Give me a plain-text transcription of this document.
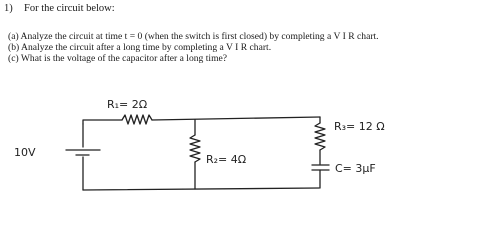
1) For the circuit below:
(a) Analyze the circuit at time t = 0 (when the switch is first closed) by completing a V I R chart.
(b) Analyze the circuit after a long time by completing a V I R chart.
(c) What is the voltage of the capacitor after a long time?
10V
R₁= 2Ω
R₂= 4Ω
R₃= 12 Ω
C= 3μF
